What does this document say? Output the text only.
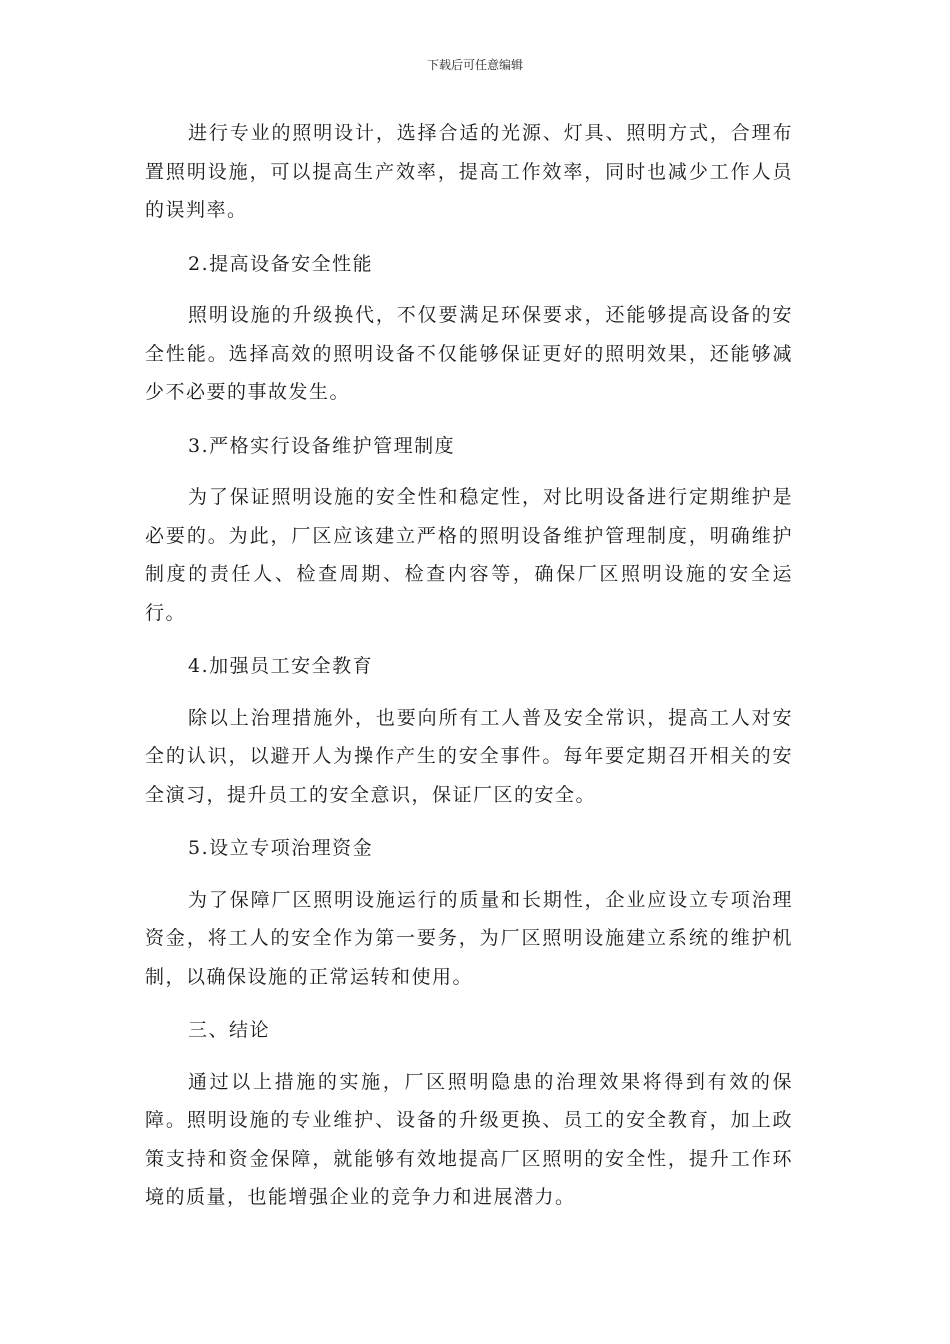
下载后可任意编辑

进行专业的照明设计，选择合适的光源、灯具、照明方式，合理布置照明设施，可以提高生产效率，提高工作效率，同时也减少工作人员的误判率。

2.提高设备安全性能

照明设施的升级换代，不仅要满足环保要求，还能够提高设备的安全性能。选择高效的照明设备不仅能够保证更好的照明效果，还能够减少不必要的事故发生。

3.严格实行设备维护管理制度

为了保证照明设施的安全性和稳定性，对比明设备进行定期维护是必要的。为此，厂区应该建立严格的照明设备维护管理制度，明确维护制度的责任人、检查周期、检查内容等，确保厂区照明设施的安全运行。

4.加强员工安全教育

除以上治理措施外，也要向所有工人普及安全常识，提高工人对安全的认识，以避开人为操作产生的安全事件。每年要定期召开相关的安全演习，提升员工的安全意识，保证厂区的安全。

5.设立专项治理资金

为了保障厂区照明设施运行的质量和长期性，企业应设立专项治理资金，将工人的安全作为第一要务，为厂区照明设施建立系统的维护机制，以确保设施的正常运转和使用。

三、结论

通过以上措施的实施，厂区照明隐患的治理效果将得到有效的保障。照明设施的专业维护、设备的升级更换、员工的安全教育，加上政策支持和资金保障，就能够有效地提高厂区照明的安全性，提升工作环境的质量，也能增强企业的竞争力和进展潜力。
